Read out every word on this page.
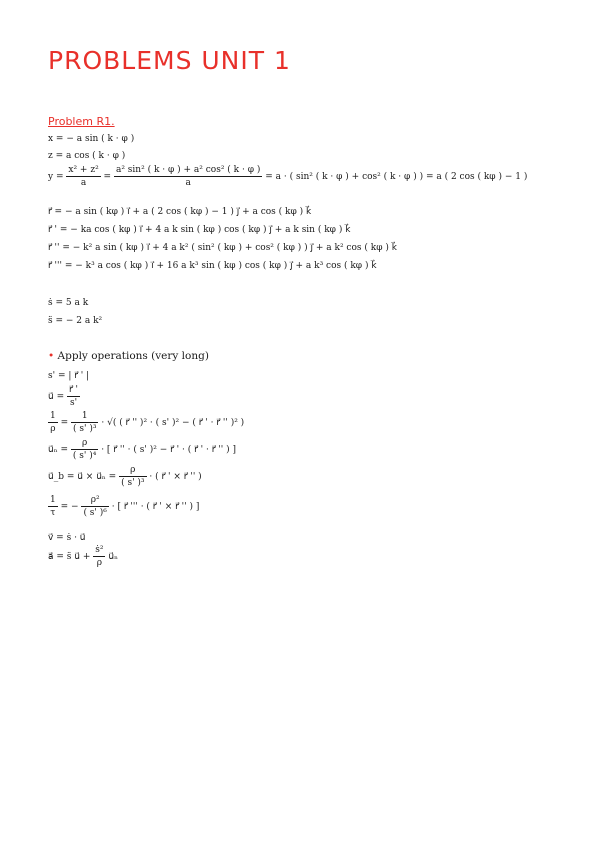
PROBLEMS UNIT 1
Problem R1.
x = − a sin ( k · φ )
z = a cos ( k · φ )
$y = \frac{\text{x² + z²}}{a} = \frac{\text{a² sin² ( k · φ ) + a² cos² ( k · φ )}}{a} = a$ · ( sin² ( k · φ ) + cos² ( k · φ ) ) = a ( 2 cos ( kφ ) − 1 )
r⃗ = − a sin ( kφ ) i⃗ + a ( 2 cos ( kφ ) − 1 ) j⃗ + a cos ( kφ ) k⃗
r⃗ ' = − ka cos ( kφ ) i⃗ + 4 a k sin ( kφ ) cos ( kφ ) j⃗ + a k sin ( kφ ) k⃗
r⃗ '' = − k² a sin ( kφ ) i⃗ + 4 a k² ( sin² ( kφ ) + cos² ( kφ ) ) j⃗ + a k² cos ( kφ ) k⃗
r⃗ ''' = − k³ a cos ( kφ ) i⃗ + 16 a k³ sin ( kφ ) cos ( kφ ) j⃗ + a k³ cos ( kφ ) k⃗
ṡ = 5 a k
s̈ = − 2 a k²
• Apply operations (very long)
s' = | r⃗ ' |
u⃗ = $\frac{r⃗ '}{s'}$
$\frac{1}{\rho} = \frac{1}{\text{( s' )³}}$ · √( ( r⃗ '' )² · ( s' )² − ( r⃗ ' · r⃗ '' )² )
u⃗ₙ = $\frac{\rho}{\text{( s' )⁴}}$ · [ r⃗ '' · ( s' )² − r⃗ ' · ( r⃗ ' · r⃗ '' ) ]
u⃗_b = u⃗ × u⃗ₙ = $\frac{\rho}{\text{( s' )³}}$ · ( r⃗ ' × r⃗ '' )
$\frac{1}{\tau}$ = − $\frac{\text{ρ²}}{\text{( s' )⁶}}$ · [ r⃗ ''' · ( r⃗ ' × r⃗ '' ) ]
v⃗ = ṡ · u⃗
a⃗ = s̈ u⃗ + $\frac{\text{ṡ²}}{\rho}$ u⃗ₙ
